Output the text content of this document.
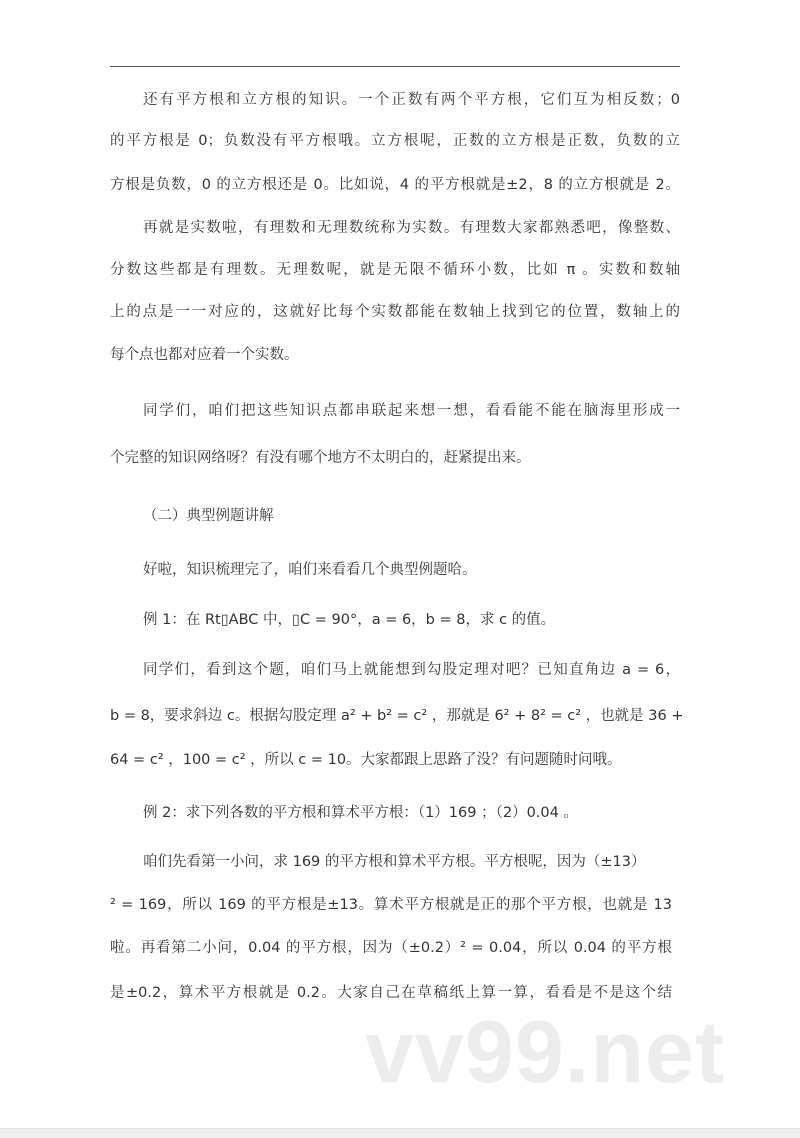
还有平方根和立方根的知识。一个正数有两个平方根，它们互为相反数；0
的平方根是 0；负数没有平方根哦。立方根呢，正数的立方根是正数，负数的立
方根是负数，0 的立方根还是 0。比如说，4 的平方根就是±2，8 的立方根就是 2。
再就是实数啦，有理数和无理数统称为实数。有理数大家都熟悉吧，像整数、
分数这些都是有理数。无理数呢，就是无限不循环小数，比如 π 。实数和数轴
上的点是一一对应的，这就好比每个实数都能在数轴上找到它的位置，数轴上的
每个点也都对应着一个实数。
同学们，咱们把这些知识点都串联起来想一想，看看能不能在脑海里形成一
个完整的知识网络呀？有没有哪个地方不太明白的，赶紧提出来。
（二）典型例题讲解
好啦，知识梳理完了，咱们来看看几个典型例题哈。
例 1：在 Rt▯ABC 中，▯C = 90°，a = 6，b = 8，求 c 的值。
同学们，看到这个题，咱们马上就能想到勾股定理对吧？已知直角边 a = 6，
b = 8，要求斜边 c。根据勾股定理 a² + b² = c² ，那就是 6² + 8² = c² ，也就是 36 +
64 = c² ，100 = c² ，所以 c = 10。大家都跟上思路了没？有问题随时问哦。
例 2：求下列各数的平方根和算术平方根：（1）169 ；（2）0.04 。
咱们先看第一小问，求 169 的平方根和算术平方根。平方根呢，因为（±13）
² = 169，所以 169 的平方根是±13。算术平方根就是正的那个平方根，也就是 13
啦。再看第二小问，0.04 的平方根，因为（±0.2）² = 0.04，所以 0.04 的平方根
是±0.2，算术平方根就是 0.2。大家自己在草稿纸上算一算，看看是不是这个结
vv99.net
